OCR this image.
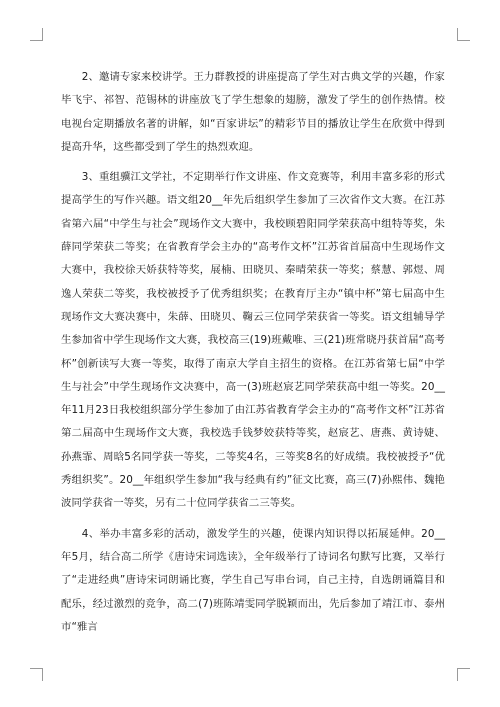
2、邀请专家来校讲学。王力群教授的讲座提高了学生对古典文学的兴趣，作家毕飞宇、祁智、范锡林的讲座放飞了学生想象的翅膀，激发了学生的创作热情。校电视台定期播放名著的讲解，如“百家讲坛”的精彩节目的播放让学生在欣赏中得到提高升华，这些都受到了学生的热烈欢迎。

3、重组骥江文学社，不定期举行作文讲座、作文竞赛等，利用丰富多彩的形式提高学生的写作兴趣。语文组20__年先后组织学生参加了三次省作文大赛。在江苏省第六届“中学生与社会”现场作文大赛中，我校顾碧阳同学荣获高中组特等奖，朱薛同学荣获二等奖；在省教育学会主办的“高考作文杯”江苏省首届高中生现场作文大赛中，我校徐天娇获特等奖，展楠、田晓贝、秦晴荣获一等奖；蔡慧、郭煜、周逸人荣获二等奖，我校被授予了优秀组织奖；在教育厅主办“镇中杯”第七届高中生现场作文大赛决赛中，朱薛、田晓贝、鞠云三位同学荣获省一等奖。语文组辅导学生参加省中学生现场作文大赛，我校高三(19)班戴唯、三(21)班常晓丹获首届“高考杯”创新读写大赛一等奖，取得了南京大学自主招生的资格。在江苏省第七届“中学生与社会”中学生现场作文决赛中，高一(3)班赵宸艺同学荣获高中组一等奖。20__年11月23日我校组织部分学生参加了由江苏省教育学会主办的“高考作文杯”江苏省第二届高中生现场作文大赛，我校选手钱梦姣获特等奖，赵宸艺、唐燕、黄诗婕、孙燕霏、周晗5名同学获一等奖，二等奖4名，三等奖8名的好成绩。我校被授予“优秀组织奖”。20__年组织学生参加“我与经典有约”征文比赛，高三(7)孙熙伟、魏艳波同学获省一等奖，另有二十位同学获省二三等奖。

4、举办丰富多彩的活动，激发学生的兴趣，使课内知识得以拓展延伸。20__年5月，结合高二所学《唐诗宋词选读》，全年级举行了诗词名句默写比赛，又举行了“走进经典”唐诗宋词朗诵比赛，学生自己写串台词，自己主持，自选朗诵篇目和配乐，经过激烈的竞争，高二(7)班陈靖雯同学脱颖而出，先后参加了靖江市、泰州市“雅言
